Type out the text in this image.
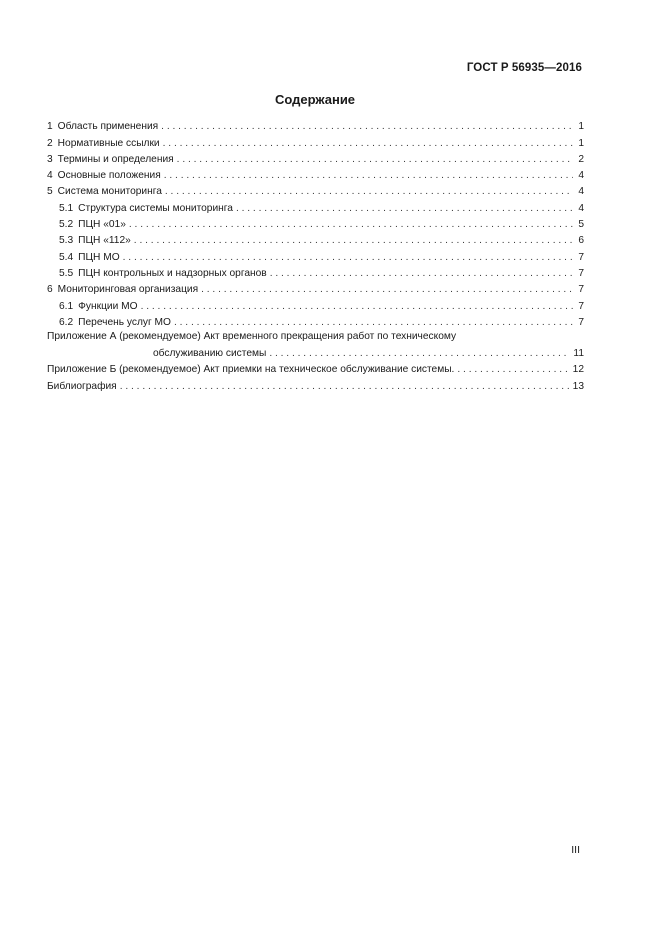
ГОСТ Р 56935—2016
Содержание
1 Область применения . . .	1
2 Нормативные ссылки . . .	1
3 Термины и определения . . .	2
4 Основные положения . . .	4
5 Система мониторинга . . .	4
5.1 Структура системы мониторинга . . .	4
5.2 ПЦН «01» . . .	5
5.3 ПЦН «112» . . .	6
5.4 ПЦН МО . . .	7
5.5 ПЦН контрольных и надзорных органов . . .	7
6 Мониторинговая организация . . .	7
6.1 Функции МО . . .	7
6.2 Перечень услуг МО . . .	7
Приложение А (рекомендуемое) Акт временного прекращения работ по техническому
обслуживанию системы . . .	11
Приложение Б (рекомендуемое) Акт приемки на техническое обслуживание системы. . . .	12
Библиография . . .	13
III
